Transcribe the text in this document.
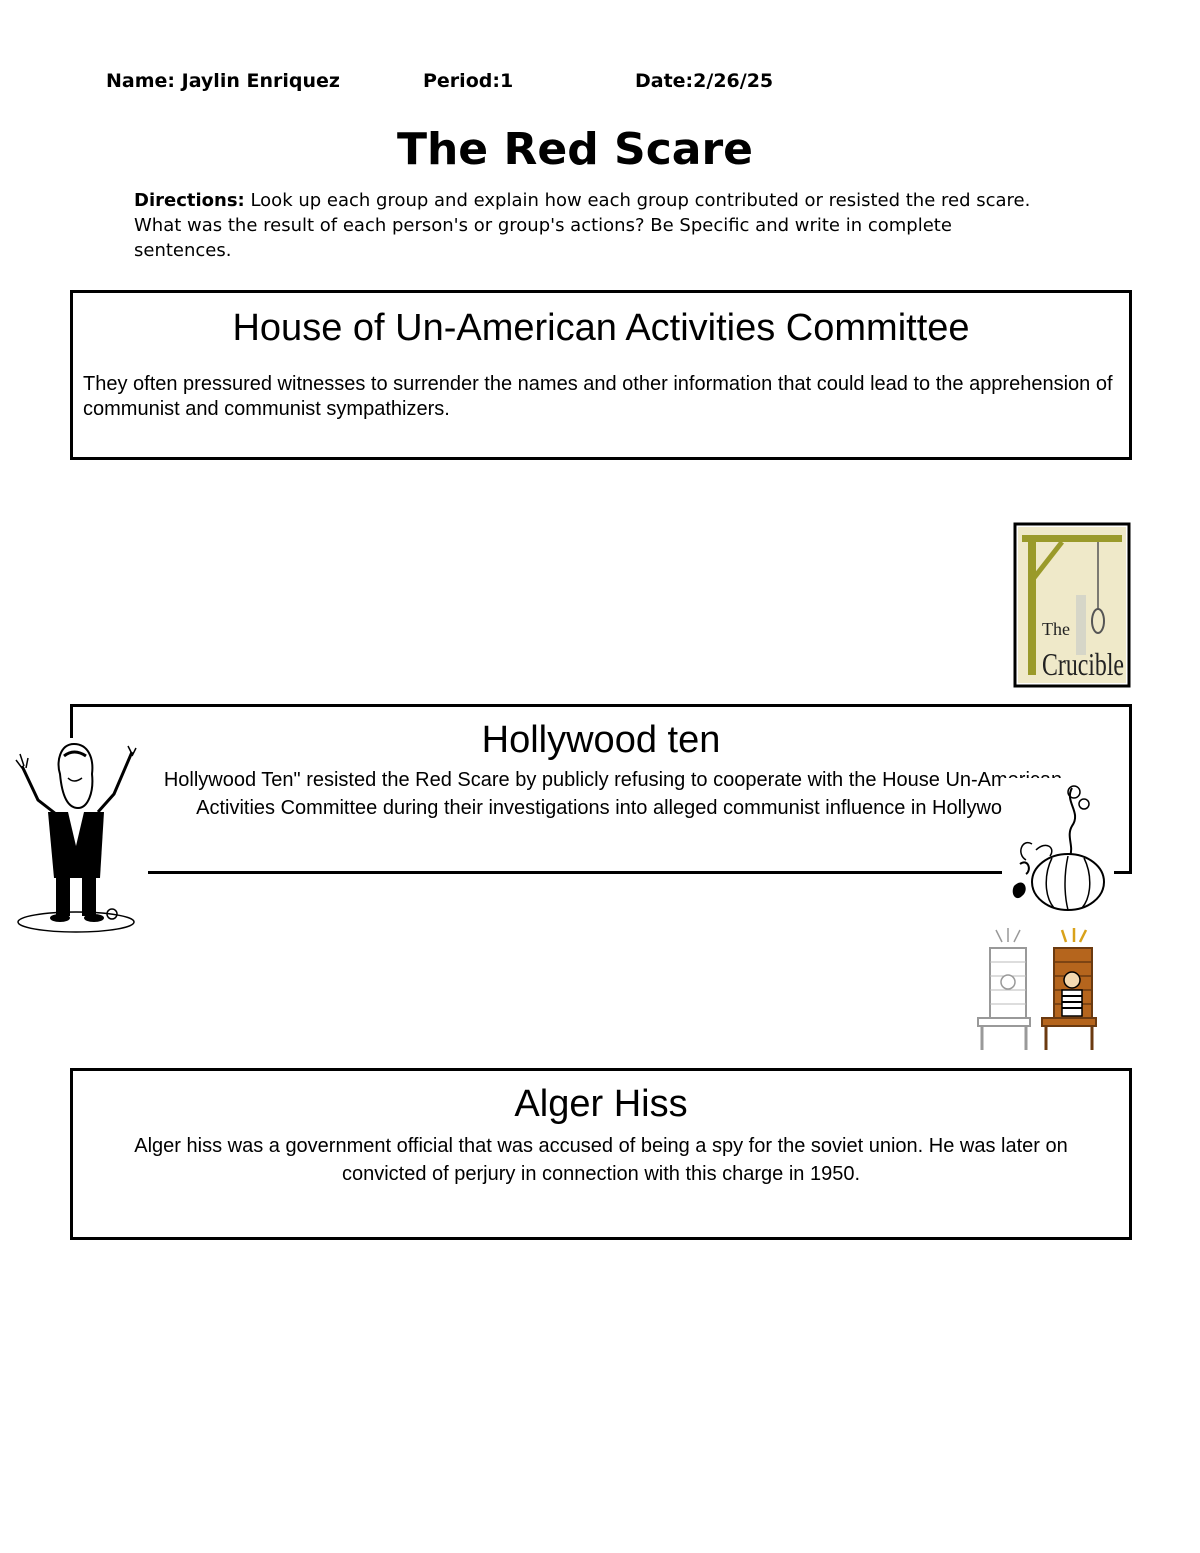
Name: Jaylin Enriquez	Period:1	Date:2/26/25
The Red Scare
Directions: Look up each group and explain how each group contributed or resisted the red scare. What was the result of each person's or group's actions? Be Specific and write in complete sentences.
House of Un-American Activities Committee
They often pressured witnesses to surrender the names and other information that could lead to the apprehension of communist and communist sympathizers.
The
Crucible
Hollywood ten
Hollywood Ten" resisted the Red Scare by publicly refusing to cooperate with the House Un-American
Activities Committee during their investigations into alleged communist influence in Hollywood.
Alger Hiss
Alger hiss was a government official that was accused of being a spy for the soviet union. He was later on convicted of perjury in connection with this charge in 1950.
